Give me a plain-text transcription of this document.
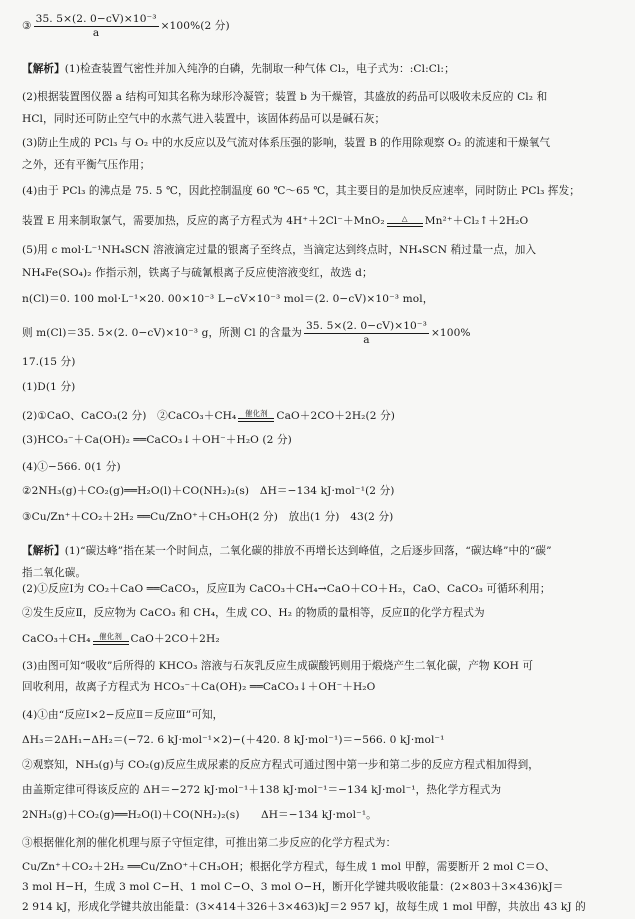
③ $\frac{\text{35. 5×(2. 0−cV)×10⁻³}}{a} \times 100\%(2$ 分)
【解析】(1)检查装置气密性并加入纯净的白磷，先制取一种气体 Cl₂，电子式为：:Cl:Cl:；
(2)根据装置图仪器 a 结构可知其名称为球形冷凝管；装置 b 为干燥管，其盛放的药品可以吸收未反应的 Cl₂ 和
HCl，同时还可防止空气中的水蒸气进入装置中，该固体药品可以是碱石灰；
(3)防止生成的 PCl₃ 与 O₂ 中的水反应以及气流对体系压强的影响，装置 B 的作用除观察 O₂ 的流速和干燥氧气
之外，还有平衡气压作用；
(4)由于 PCl₃ 的沸点是 75. 5 ℃，因此控制温度 60 ℃～65 ℃，其主要目的是加快反应速率，同时防止 PCl₃ 挥发；
装置 E 用来制取氯气，需要加热，反应的离子方程式为 4H⁺＋2Cl⁻＋MnO₂	△	Mn²⁺＋Cl₂↑＋2H₂O
(5)用 c mol·L⁻¹NH₄SCN 溶液滴定过量的银离子至终点，当滴定达到终点时，NH₄SCN 稍过量一点，加入
NH₄Fe(SO₄)₂ 作指示剂，铁离子与硫氰根离子反应使溶液变红，故选 d；
n(Cl)＝0. 100 mol·L⁻¹×20. 00×10⁻³ L−cV×10⁻³ mol＝(2. 0−cV)×10⁻³ mol，
则 m(Cl)＝35. 5×(2. 0−cV)×10⁻³ g，所测 Cl 的含量为 $\frac{\text{35. 5×(2. 0−cV)×10⁻³}}{a} \times 100\%$
17.(15 分)
(1)D(1 分)
(2)①CaO、CaCO₃(2 分)　②CaCO₃＋CH₄	催化剂 CaO＋2CO＋2H₂(2 分)
(3)HCO₃⁻＋Ca(OH)₂ ══CaCO₃↓＋OH⁻＋H₂O (2 分)
(4)①−566. 0(1 分)
②2NH₃(g)＋CO₂(g)══H₂O(l)＋CO(NH₂)₂(s)　ΔH＝−134 kJ·mol⁻¹(2 分)
③Cu/Zn⁺＋CO₂＋2H₂ ══Cu/ZnO⁺＋CH₃OH(2 分)　放出(1 分)　43(2 分)
【解析】(1)“碳达峰”指在某一个时间点，二氧化碳的排放不再增长达到峰值，之后逐步回落，“碳达峰”中的“碳”
指二氧化碳。
(2)①反应Ⅰ为 CO₂＋CaO ══CaCO₃，反应Ⅱ为 CaCO₃＋CH₄→CaO＋CO＋H₂，CaO、CaCO₃ 可循环利用；
②发生反应Ⅱ，反应物为 CaCO₃ 和 CH₄，生成 CO、H₂ 的物质的量相等，反应Ⅱ的化学方程式为
CaCO₃＋CH₄	催化剂 CaO＋2CO＋2H₂
(3)由图可知“吸收”后所得的 KHCO₃ 溶液与石灰乳反应生成碳酸钙则用于煅烧产生二氧化碳，产物 KOH 可
回收利用，故离子方程式为 HCO₃⁻＋Ca(OH)₂ ══CaCO₃↓＋OH⁻＋H₂O
(4)①由“反应Ⅰ×2−反应Ⅱ＝反应Ⅲ”可知，
ΔH₃＝2ΔH₁−ΔH₂＝(−72. 6 kJ·mol⁻¹×2)−(＋420. 8 kJ·mol⁻¹)＝−566. 0 kJ·mol⁻¹
②观察知，NH₃(g)与 CO₂(g)反应生成尿素的反应方程式可通过图中第一步和第二步的反应方程式相加得到，
由盖斯定律可得该反应的 ΔH＝−272 kJ·mol⁻¹＋138 kJ·mol⁻¹＝−134 kJ·mol⁻¹，热化学方程式为
2NH₃(g)＋CO₂(g)══H₂O(l)＋CO(NH₂)₂(s)　　ΔH＝−134 kJ·mol⁻¹。
③根据催化剂的催化机理与原子守恒定律，可推出第二步反应的化学方程式为：
Cu/Zn⁺＋CO₂＋2H₂ ══Cu/ZnO⁺＋CH₃OH；根据化学方程式，每生成 1 mol 甲醇，需要断开 2 mol C＝O、
3 mol H−H，生成 3 mol C−H、1 mol C−O、3 mol O−H，断开化学键共吸收能量：(2×803＋3×436)kJ＝
2 914 kJ，形成化学键共放出能量：(3×414＋326＋3×463)kJ＝2 957 kJ，故每生成 1 mol 甲醇，共放出 43 kJ 的
